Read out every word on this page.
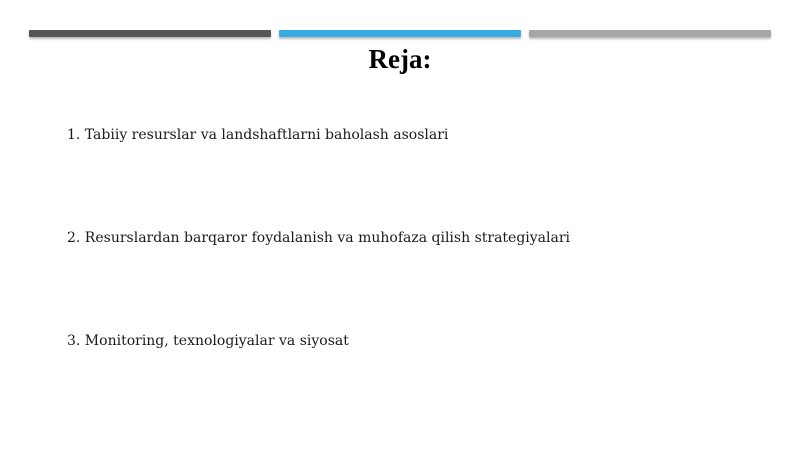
Reja:
1. Tabiiy resurslar va landshaftlarni baholash asoslari
2. Resurslardan barqaror foydalanish va muhofaza qilish strategiyalari
3. Monitoring, texnologiyalar va siyosat
